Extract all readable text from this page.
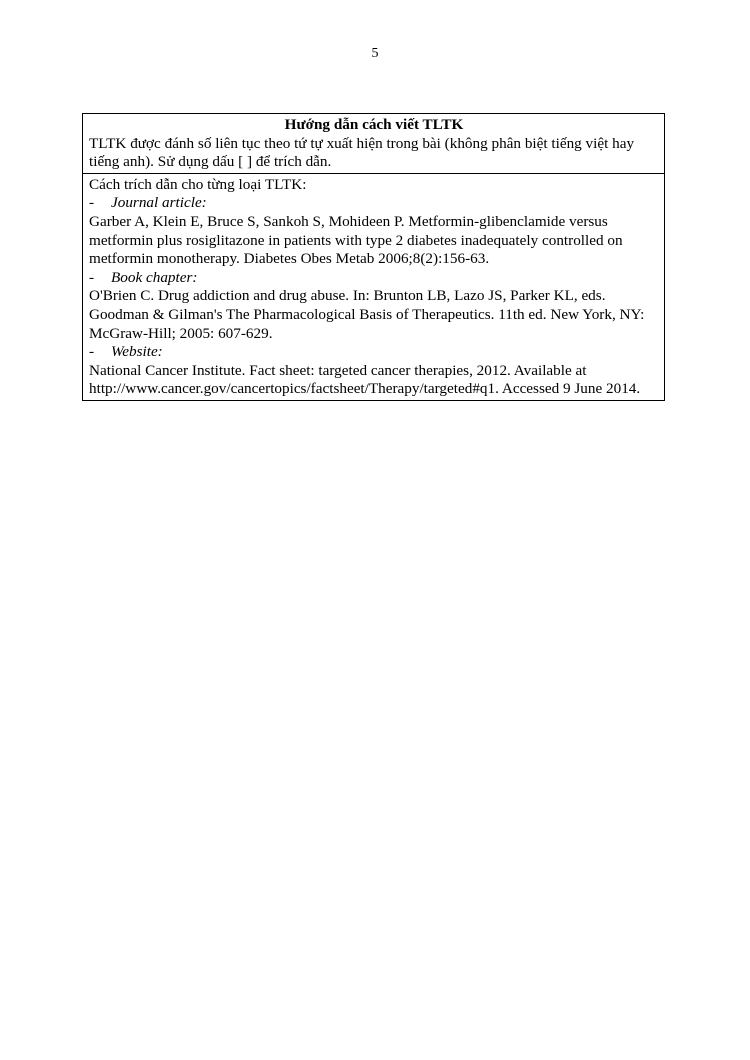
5

Hướng dẫn cách viết TLTK

TLTK được đánh số liên tục theo tứ tự xuất hiện trong bài (không phân biệt tiếng việt hay tiếng anh). Sử dụng dấu [ ] để trích dẫn.

Cách trích dẫn cho từng loại TLTK:

- Journal article:

Garber A, Klein E, Bruce S, Sankoh S, Mohideen P. Metformin-glibenclamide versus metformin plus rosiglitazone in patients with type 2 diabetes inadequately controlled on metformin monotherapy. Diabetes Obes Metab 2006;8(2):156-63.

- Book chapter:

O'Brien C. Drug addiction and drug abuse. In: Brunton LB, Lazo JS, Parker KL, eds. Goodman & Gilman's The Pharmacological Basis of Therapeutics. 11th ed. New York, NY: McGraw-Hill; 2005: 607-629.

- Website:

National Cancer Institute. Fact sheet: targeted cancer therapies, 2012. Available at http://www.cancer.gov/cancertopics/factsheet/Therapy/targeted#q1. Accessed 9 June 2014.
